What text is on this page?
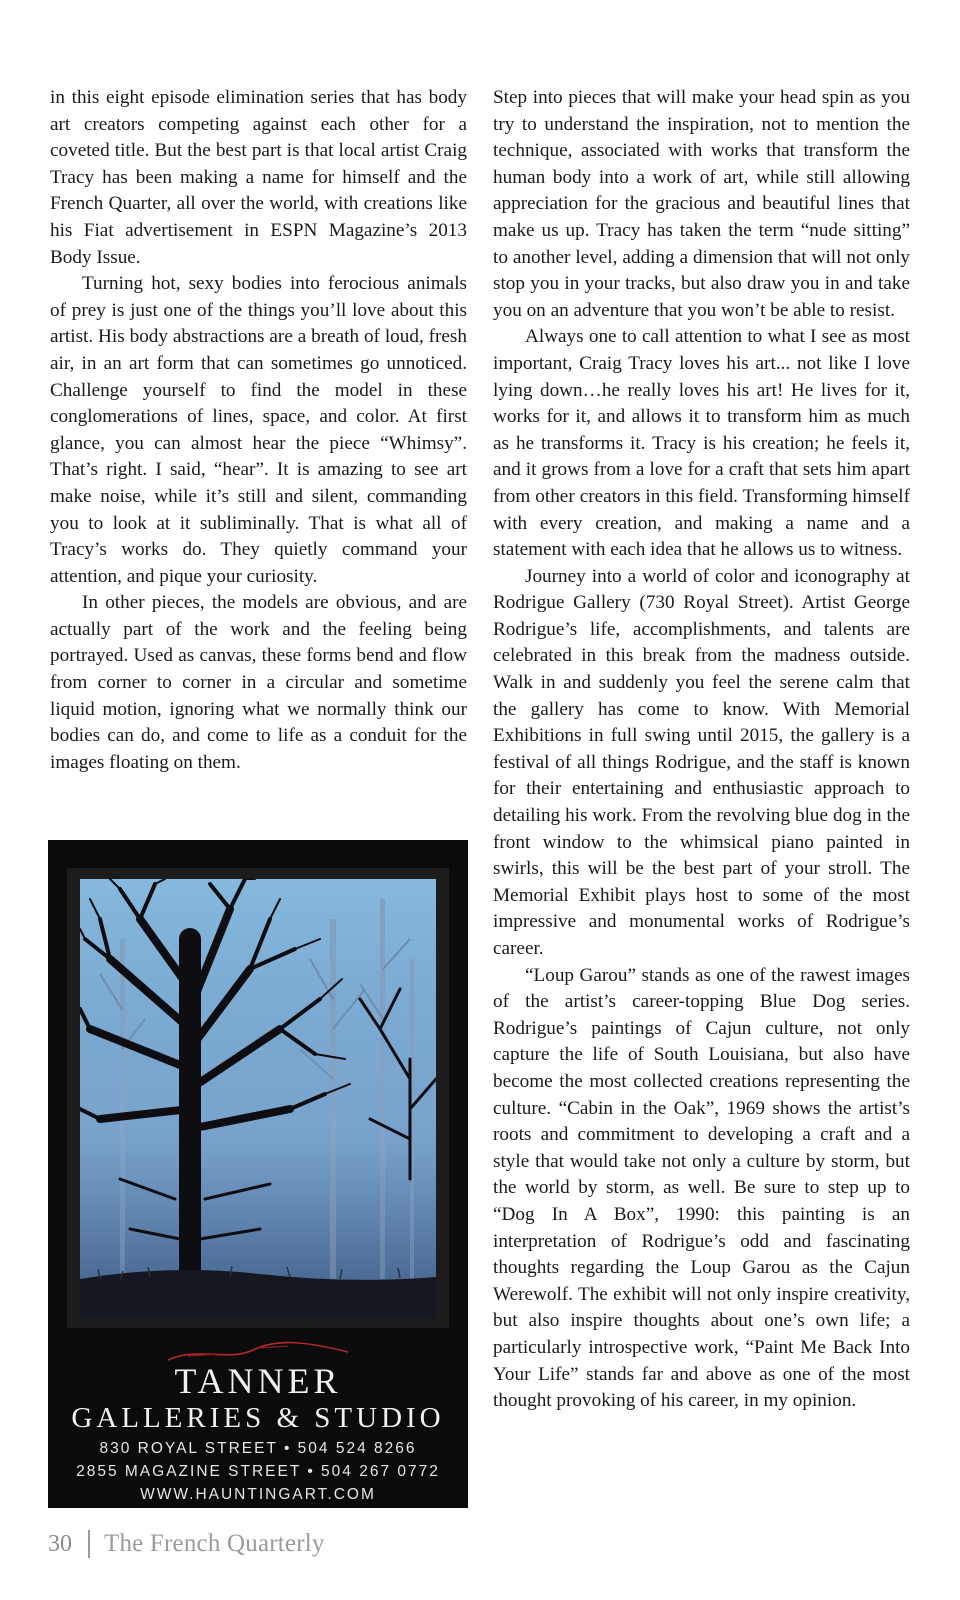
in this eight episode elimination series that has body art creators competing against each other for a coveted title. But the best part is that local artist Craig Tracy has been making a name for himself and the French Quarter, all over the world, with creations like his Fiat advertisement in ESPN Magazine’s 2013 Body Issue.

Turning hot, sexy bodies into ferocious animals of prey is just one of the things you’ll love about this artist. His body abstractions are a breath of loud, fresh air, in an art form that can sometimes go unnoticed. Challenge yourself to find the model in these conglomerations of lines, space, and color. At first glance, you can almost hear the piece “Whimsy”. That’s right. I said, “hear”. It is amazing to see art make noise, while it’s still and silent, commanding you to look at it subliminally. That is what all of Tracy’s works do. They quietly command your attention, and pique your curiosity.

In other pieces, the models are obvious, and are actually part of the work and the feeling being portrayed. Used as canvas, these forms bend and flow from corner to corner in a circular and sometime liquid motion, ignoring what we normally think our bodies can do, and come to life as a conduit for the images floating on them.

Step into pieces that will make your head spin as you try to understand the inspiration, not to mention the technique, associated with works that transform the human body into a work of art, while still allowing appreciation for the gracious and beautiful lines that make us up. Tracy has taken the term “nude sitting” to another level, adding a dimension that will not only stop you in your tracks, but also draw you in and take you on an adventure that you won’t be able to resist.

Always one to call attention to what I see as most important, Craig Tracy loves his art... not like I love lying down…he really loves his art! He lives for it, works for it, and allows it to transform him as much as he transforms it. Tracy is his creation; he feels it, and it grows from a love for a craft that sets him apart from other creators in this field. Transforming himself with every creation, and making a name and a statement with each idea that he allows us to witness.

Journey into a world of color and iconography at Rodrigue Gallery (730 Royal Street). Artist George Rodrigue’s life, accomplishments, and talents are celebrated in this break from the madness outside. Walk in and suddenly you feel the serene calm that the gallery has come to know. With Memorial Exhibitions in full swing until 2015, the gallery is a festival of all things Rodrigue, and the staff is known for their entertaining and enthusiastic approach to detailing his work. From the revolving blue dog in the front window to the whimsical piano painted in swirls, this will be the best part of your stroll. The Memorial Exhibit plays host to some of the most impressive and monumental works of Rodrigue’s career.

“Loup Garou” stands as one of the rawest images of the artist’s career-topping Blue Dog series. Rodrigue’s paintings of Cajun culture, not only capture the life of South Louisiana, but also have become the most collected creations representing the culture. “Cabin in the Oak”, 1969 shows the artist’s roots and commitment to developing a craft and a style that would take not only a culture by storm, but the world by storm, as well. Be sure to step up to “Dog In A Box”, 1990: this painting is an interpretation of Rodrigue’s odd and fascinating thoughts regarding the Loup Garou as the Cajun Werewolf. The exhibit will not only inspire creativity, but also inspire thoughts about one’s own life; a particularly introspective work, “Paint Me Back Into Your Life” stands far and above as one of the most thought provoking of his career, in my opinion.

TANNER
GALLERIES & STUDIO
830 ROYAL STREET • 504 524 8266
2855 MAGAZINE STREET • 504 267 0772
WWW.HAUNTINGART.COM
30 The French Quarterly
